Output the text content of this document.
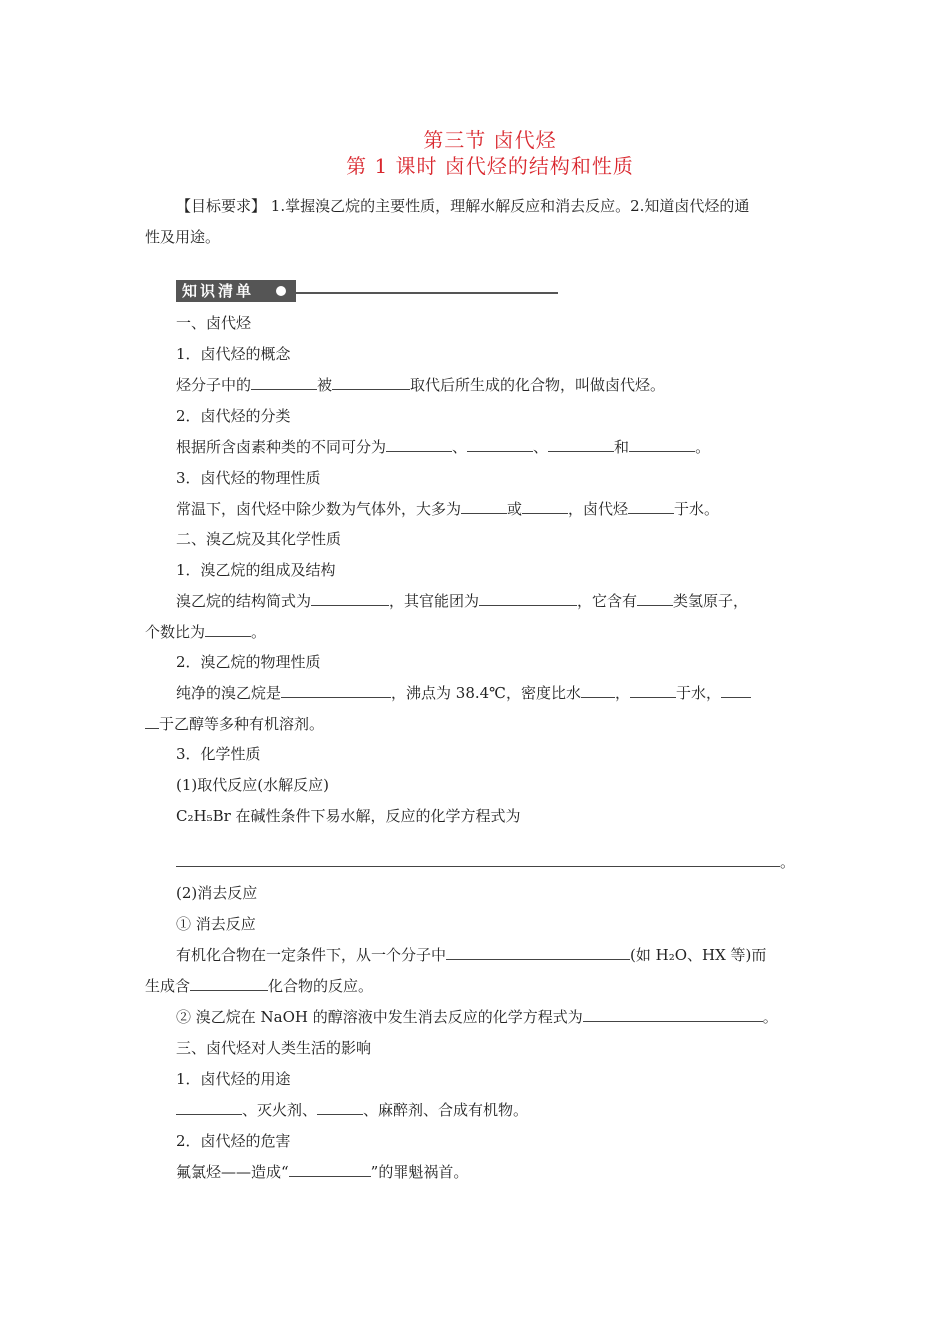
第三节 卤代烃
第 1 课时 卤代烃的结构和性质
【目标要求】 1.掌握溴乙烷的主要性质，理解水解反应和消去反应。2.知道卤代烃的通
性及用途。
知识清单
一、卤代烃
1．卤代烃的概念
烃分子中的	被	取代后所生成的化合物，叫做卤代烃。
2．卤代烃的分类
根据所含卤素种类的不同可分为	、	、	和	。
3．卤代烃的物理性质
常温下，卤代烃中除少数为气体外，大多为	或	，卤代烃	于水。
二、溴乙烷及其化学性质
1．溴乙烷的组成及结构
溴乙烷的结构简式为	，其官能团为	，它含有 类氢原子，
个数比为	。
2．溴乙烷的物理性质
纯净的溴乙烷是	，沸点为 38.4℃，密度比水 ，	于水，
于乙醇等多种有机溶剂。
3．化学性质
(1)取代反应(水解反应)
C₂H₅Br 在碱性条件下易水解，反应的化学方程式为
。
(2)消去反应
① 消去反应
有机化合物在一定条件下，从一个分子中	(如 H₂O、HX 等)而
生成含	化合物的反应。
② 溴乙烷在 NaOH 的醇溶液中发生消去反应的化学方程式为	。
三、卤代烃对人类生活的影响
1．卤代烃的用途
、灭火剂、	、麻醉剂、合成有机物。
2．卤代烃的危害
氟氯烃——造成“	”的罪魁祸首。
